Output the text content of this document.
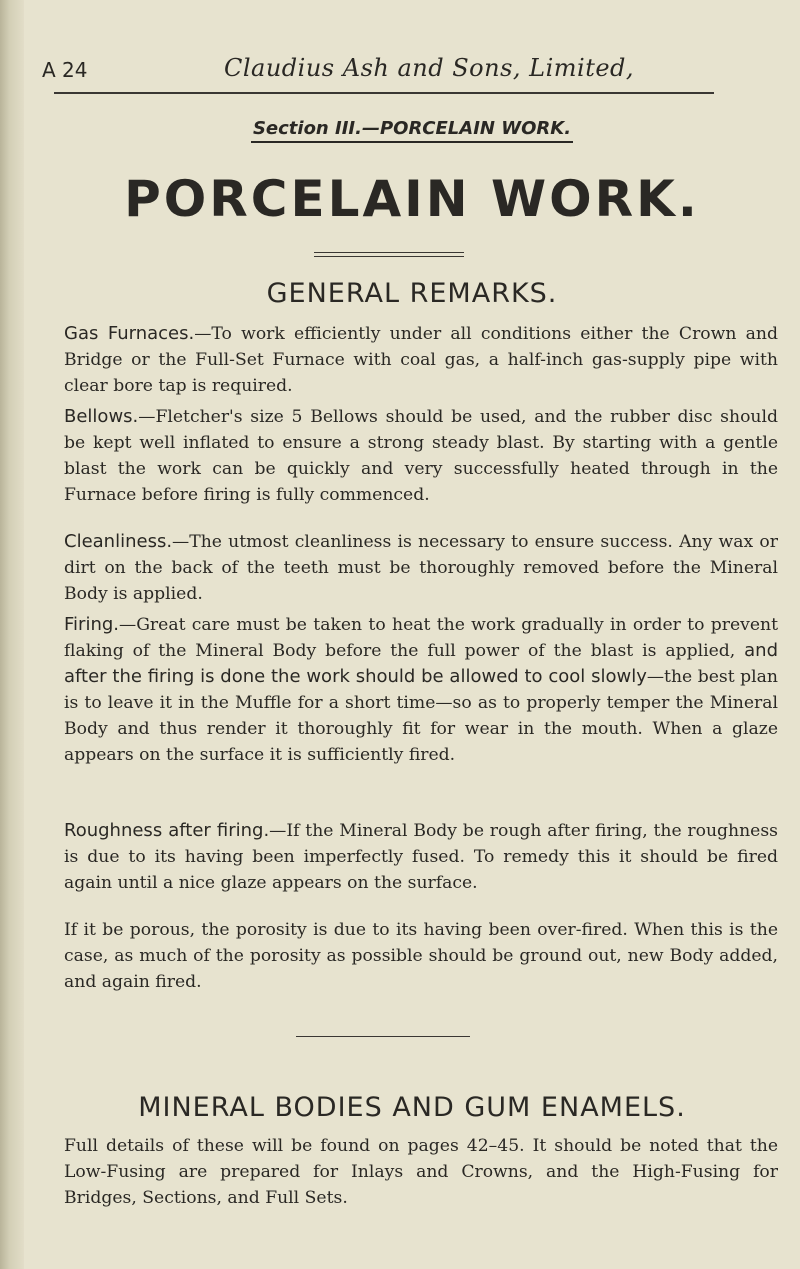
A 24	Claudius Ash and Sons, Limited,
Section III.—PORCELAIN WORK.
PORCELAIN WORK.
GENERAL REMARKS.

Gas Furnaces.—To work efficiently under all conditions either the Crown and Bridge or the Full-Set Furnace with coal gas, a half-inch gas-supply pipe with clear bore tap is required.

Bellows.—Fletcher's size 5 Bellows should be used, and the rubber disc should be kept well inflated to ensure a strong steady blast. By starting with a gentle blast the work can be quickly and very successfully heated through in the Furnace before firing is fully commenced.

Cleanliness.—The utmost cleanliness is necessary to ensure success. Any wax or dirt on the back of the teeth must be thoroughly removed before the Mineral Body is applied.

Firing.—Great care must be taken to heat the work gradually in order to prevent flaking of the Mineral Body before the full power of the blast is applied, and after the firing is done the work should be allowed to cool slowly—the best plan is to leave it in the Muffle for a short time—so as to properly temper the Mineral Body and thus render it thoroughly fit for wear in the mouth. When a glaze appears on the surface it is sufficiently fired.

Roughness after firing.—If the Mineral Body be rough after firing, the roughness is due to its having been imperfectly fused. To remedy this it should be fired again until a nice glaze appears on the surface.

If it be porous, the porosity is due to its having been over-fired. When this is the case, as much of the porosity as possible should be ground out, new Body added, and again fired.

MINERAL BODIES AND GUM ENAMELS.

Full details of these will be found on pages 42–45. It should be noted that the Low-Fusing are prepared for Inlays and Crowns, and the High-Fusing for Bridges, Sections, and Full Sets.
